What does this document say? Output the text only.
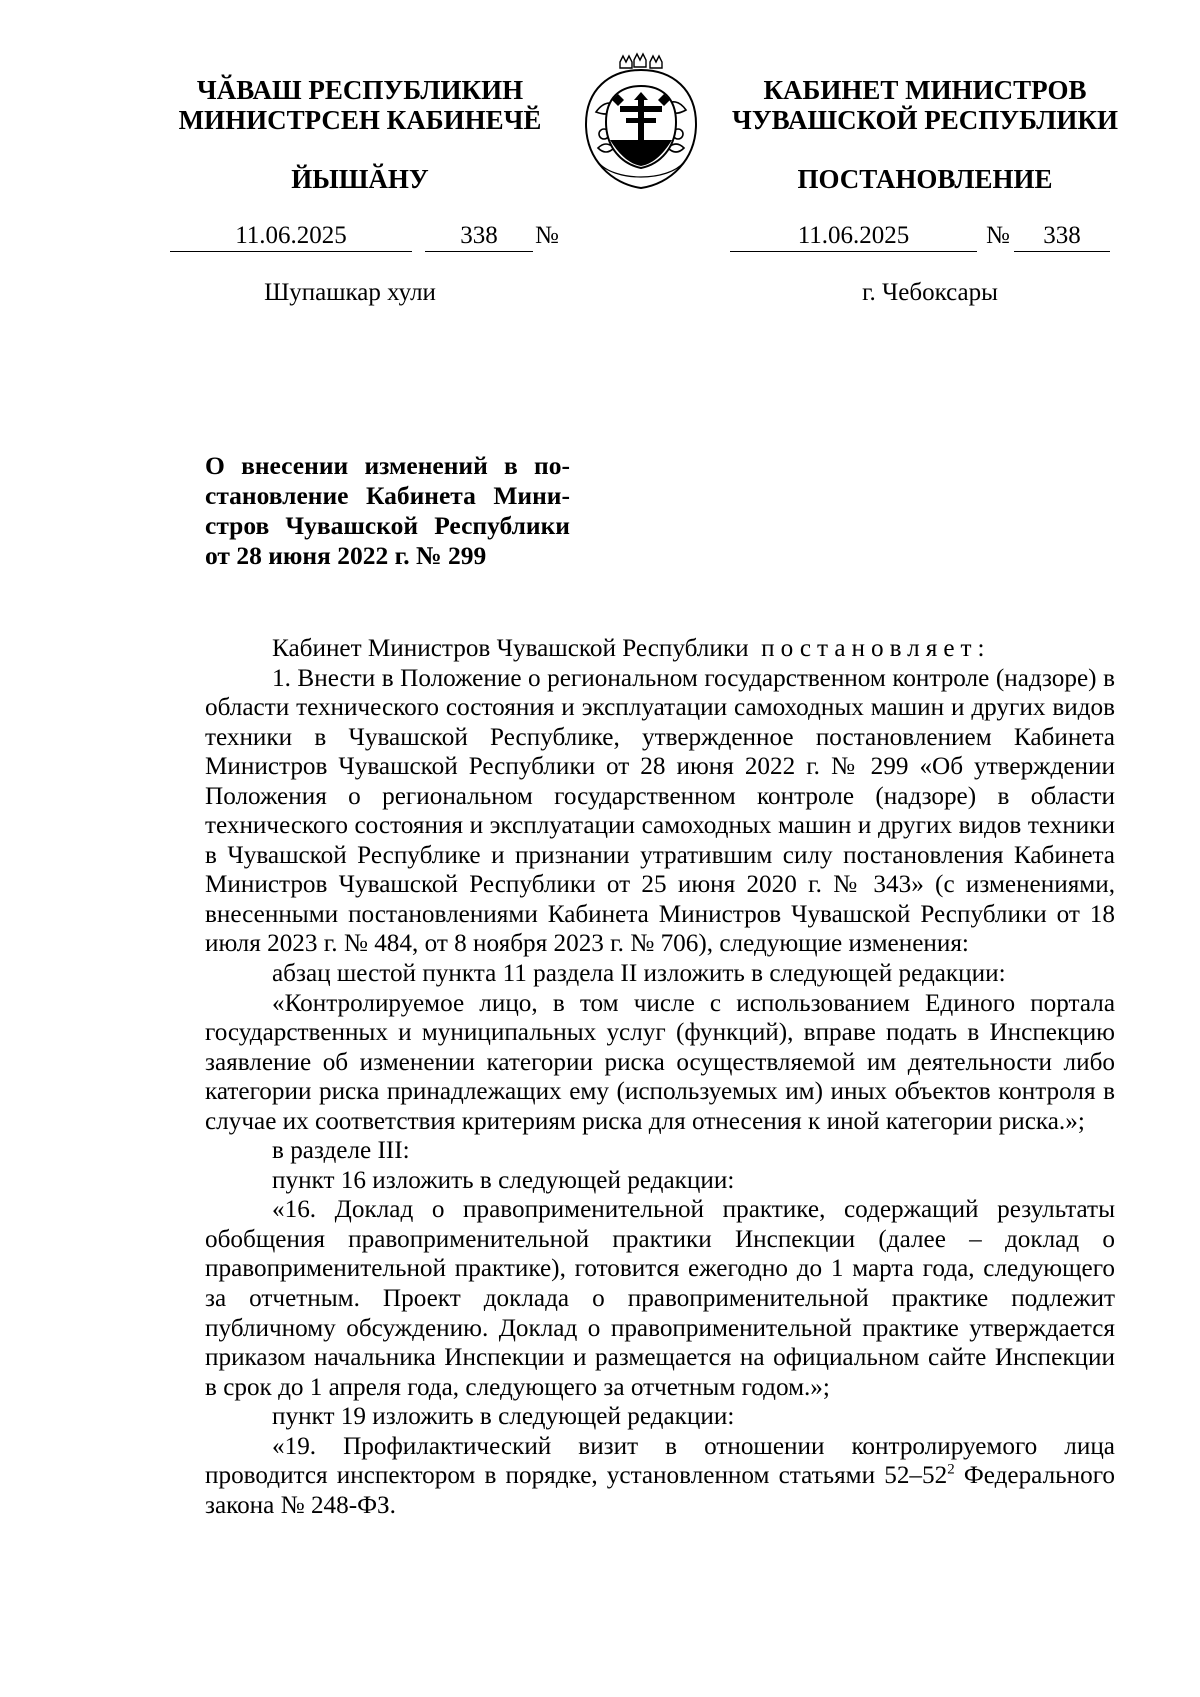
ЧӐВАШ РЕСПУБЛИКИН
МИНИСТРСЕН КАБИНЕЧӖ
ЙЫШӐНУ
КАБИНЕТ МИНИСТРОВ
ЧУВАШСКОЙ РЕСПУБЛИКИ
ПОСТАНОВЛЕНИЕ
11.06.2025	338	№	11.06.2025	№	338
Шупашкар хули	г. Чебоксары
О внесении изменений в по-
становление Кабинета Мини-
стров Чувашской Республики
от 28 июня 2022 г. № 299

Кабинет Министров Чувашской Республики постановляет:

1. Внести в Положение о региональном государственном контроле (надзоре) в области технического состояния и эксплуатации самоходных машин и других видов техники в Чувашской Республике, утвержденное постановлением Кабинета Министров Чувашской Республики от 28 июня 2022 г. № 299 «Об утверждении Положения о региональном государственном контроле (надзоре) в области технического состояния и эксплуатации самоходных машин и других видов техники в Чувашской Республике и признании утратившим силу постановления Кабинета Министров Чувашской Республики от 25 июня 2020 г. № 343» (с изменениями, внесенными постановлениями Кабинета Министров Чувашской Республики от 18 июля 2023 г. № 484, от 8 ноября 2023 г. № 706), следующие изменения:

абзац шестой пункта 11 раздела II изложить в следующей редакции:

«Контролируемое лицо, в том числе с использованием Единого портала государственных и муниципальных услуг (функций), вправе подать в Инспекцию заявление об изменении категории риска осуществляемой им деятельности либо категории риска принадлежащих ему (используемых им) иных объектов контроля в случае их соответствия критериям риска для отнесения к иной категории риска.»;

в разделе III:

пункт 16 изложить в следующей редакции:

«16. Доклад о правоприменительной практике, содержащий результаты обобщения правоприменительной практики Инспекции (далее – доклад о правоприменительной практике), готовится ежегодно до 1 марта года, следующего за отчетным. Проект доклада о правоприменительной практике подлежит публичному обсуждению. Доклад о правоприменительной практике утверждается приказом начальника Инспекции и размещается на официальном сайте Инспекции в срок до 1 апреля года, следующего за отчетным годом.»;

пункт 19 изложить в следующей редакции:

«19. Профилактический визит в отношении контролируемого лица проводится инспектором в порядке, установленном статьями $52-52^2$ Федерального закона № 248-ФЗ.
